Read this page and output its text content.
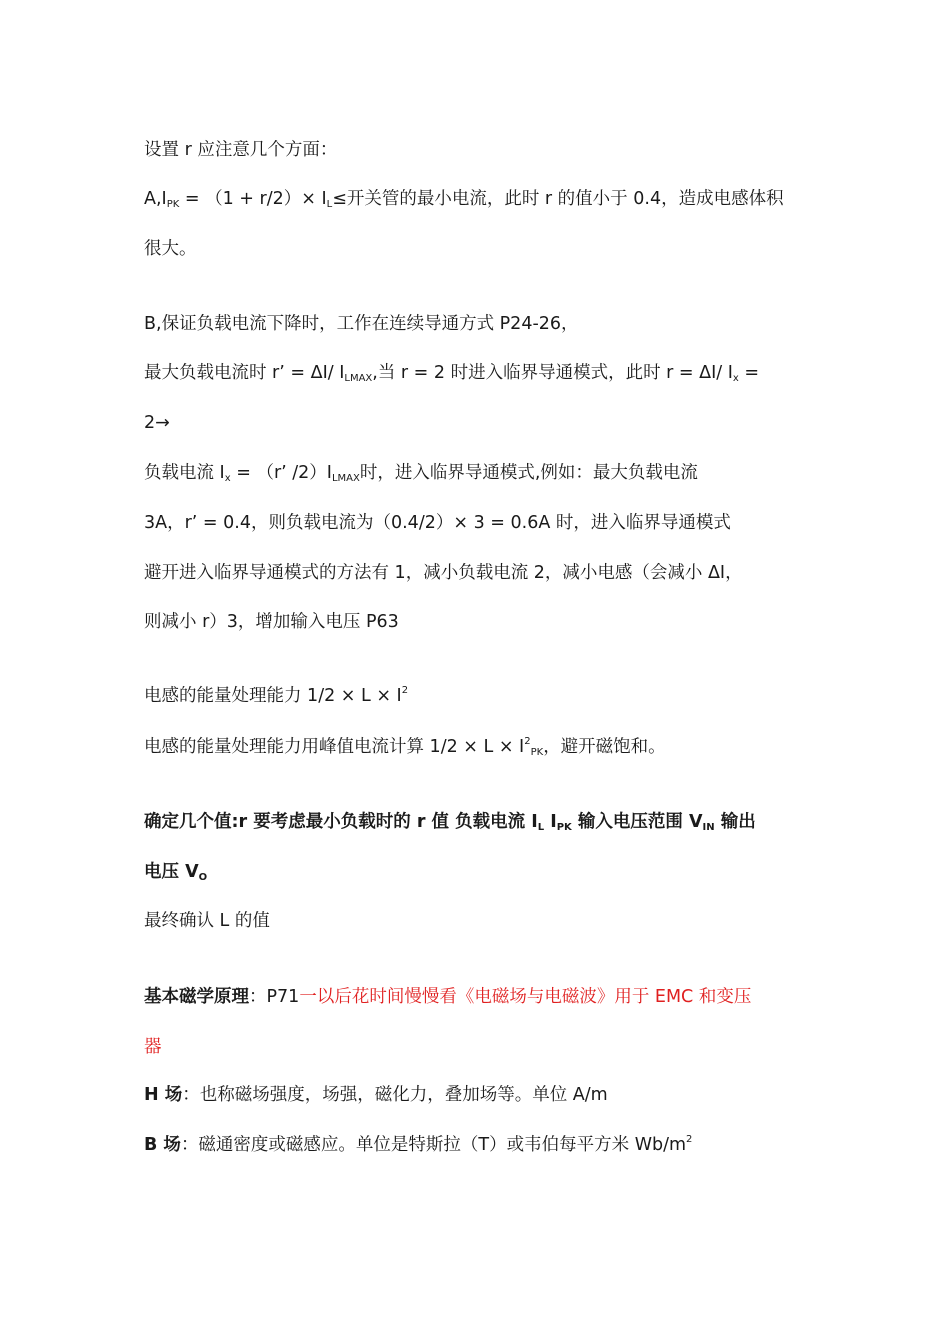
设置 r 应注意几个方面：
A,IPK = （1 + r/2）× IL≤开关管的最小电流，此时 r 的值小于 0.4，造成电感体积
很大。
B,保证负载电流下降时，工作在连续导通方式 P24-26，
最大负载电流时 r’ = ΔI/ ILMAX,当 r = 2 时进入临界导通模式，此时 r = ΔI/ Ix =
2→
负载电流 Ix = （r’ /2）ILMAX时，进入临界导通模式,例如：最大负载电流
3A，r’ = 0.4，则负载电流为（0.4/2）× 3 = 0.6A 时，进入临界导通模式
避开进入临界导通模式的方法有 1，减小负载电流 2，减小电感（会减小 ΔI，
则减小 r）3，增加输入电压 P63
电感的能量处理能力 $1/2 \times L \times I^2$
电感的能量处理能力用峰值电流计算 $1/2 \times L \times I^2PK$，避开磁饱和。
确定几个值:r 要考虑最小负载时的 r 值 负载电流 IL IPK 输入电压范围 VIN 输出
电压 VO
最终确认 L 的值
基本磁学原理：P71一以后花时间慢慢看《电磁场与电磁波》用于 EMC 和变压
器
H 场：也称磁场强度，场强，磁化力，叠加场等。单位 A/m
B 场：磁通密度或磁感应。单位是特斯拉（T）或韦伯每平方米 $Wb/m^2$
